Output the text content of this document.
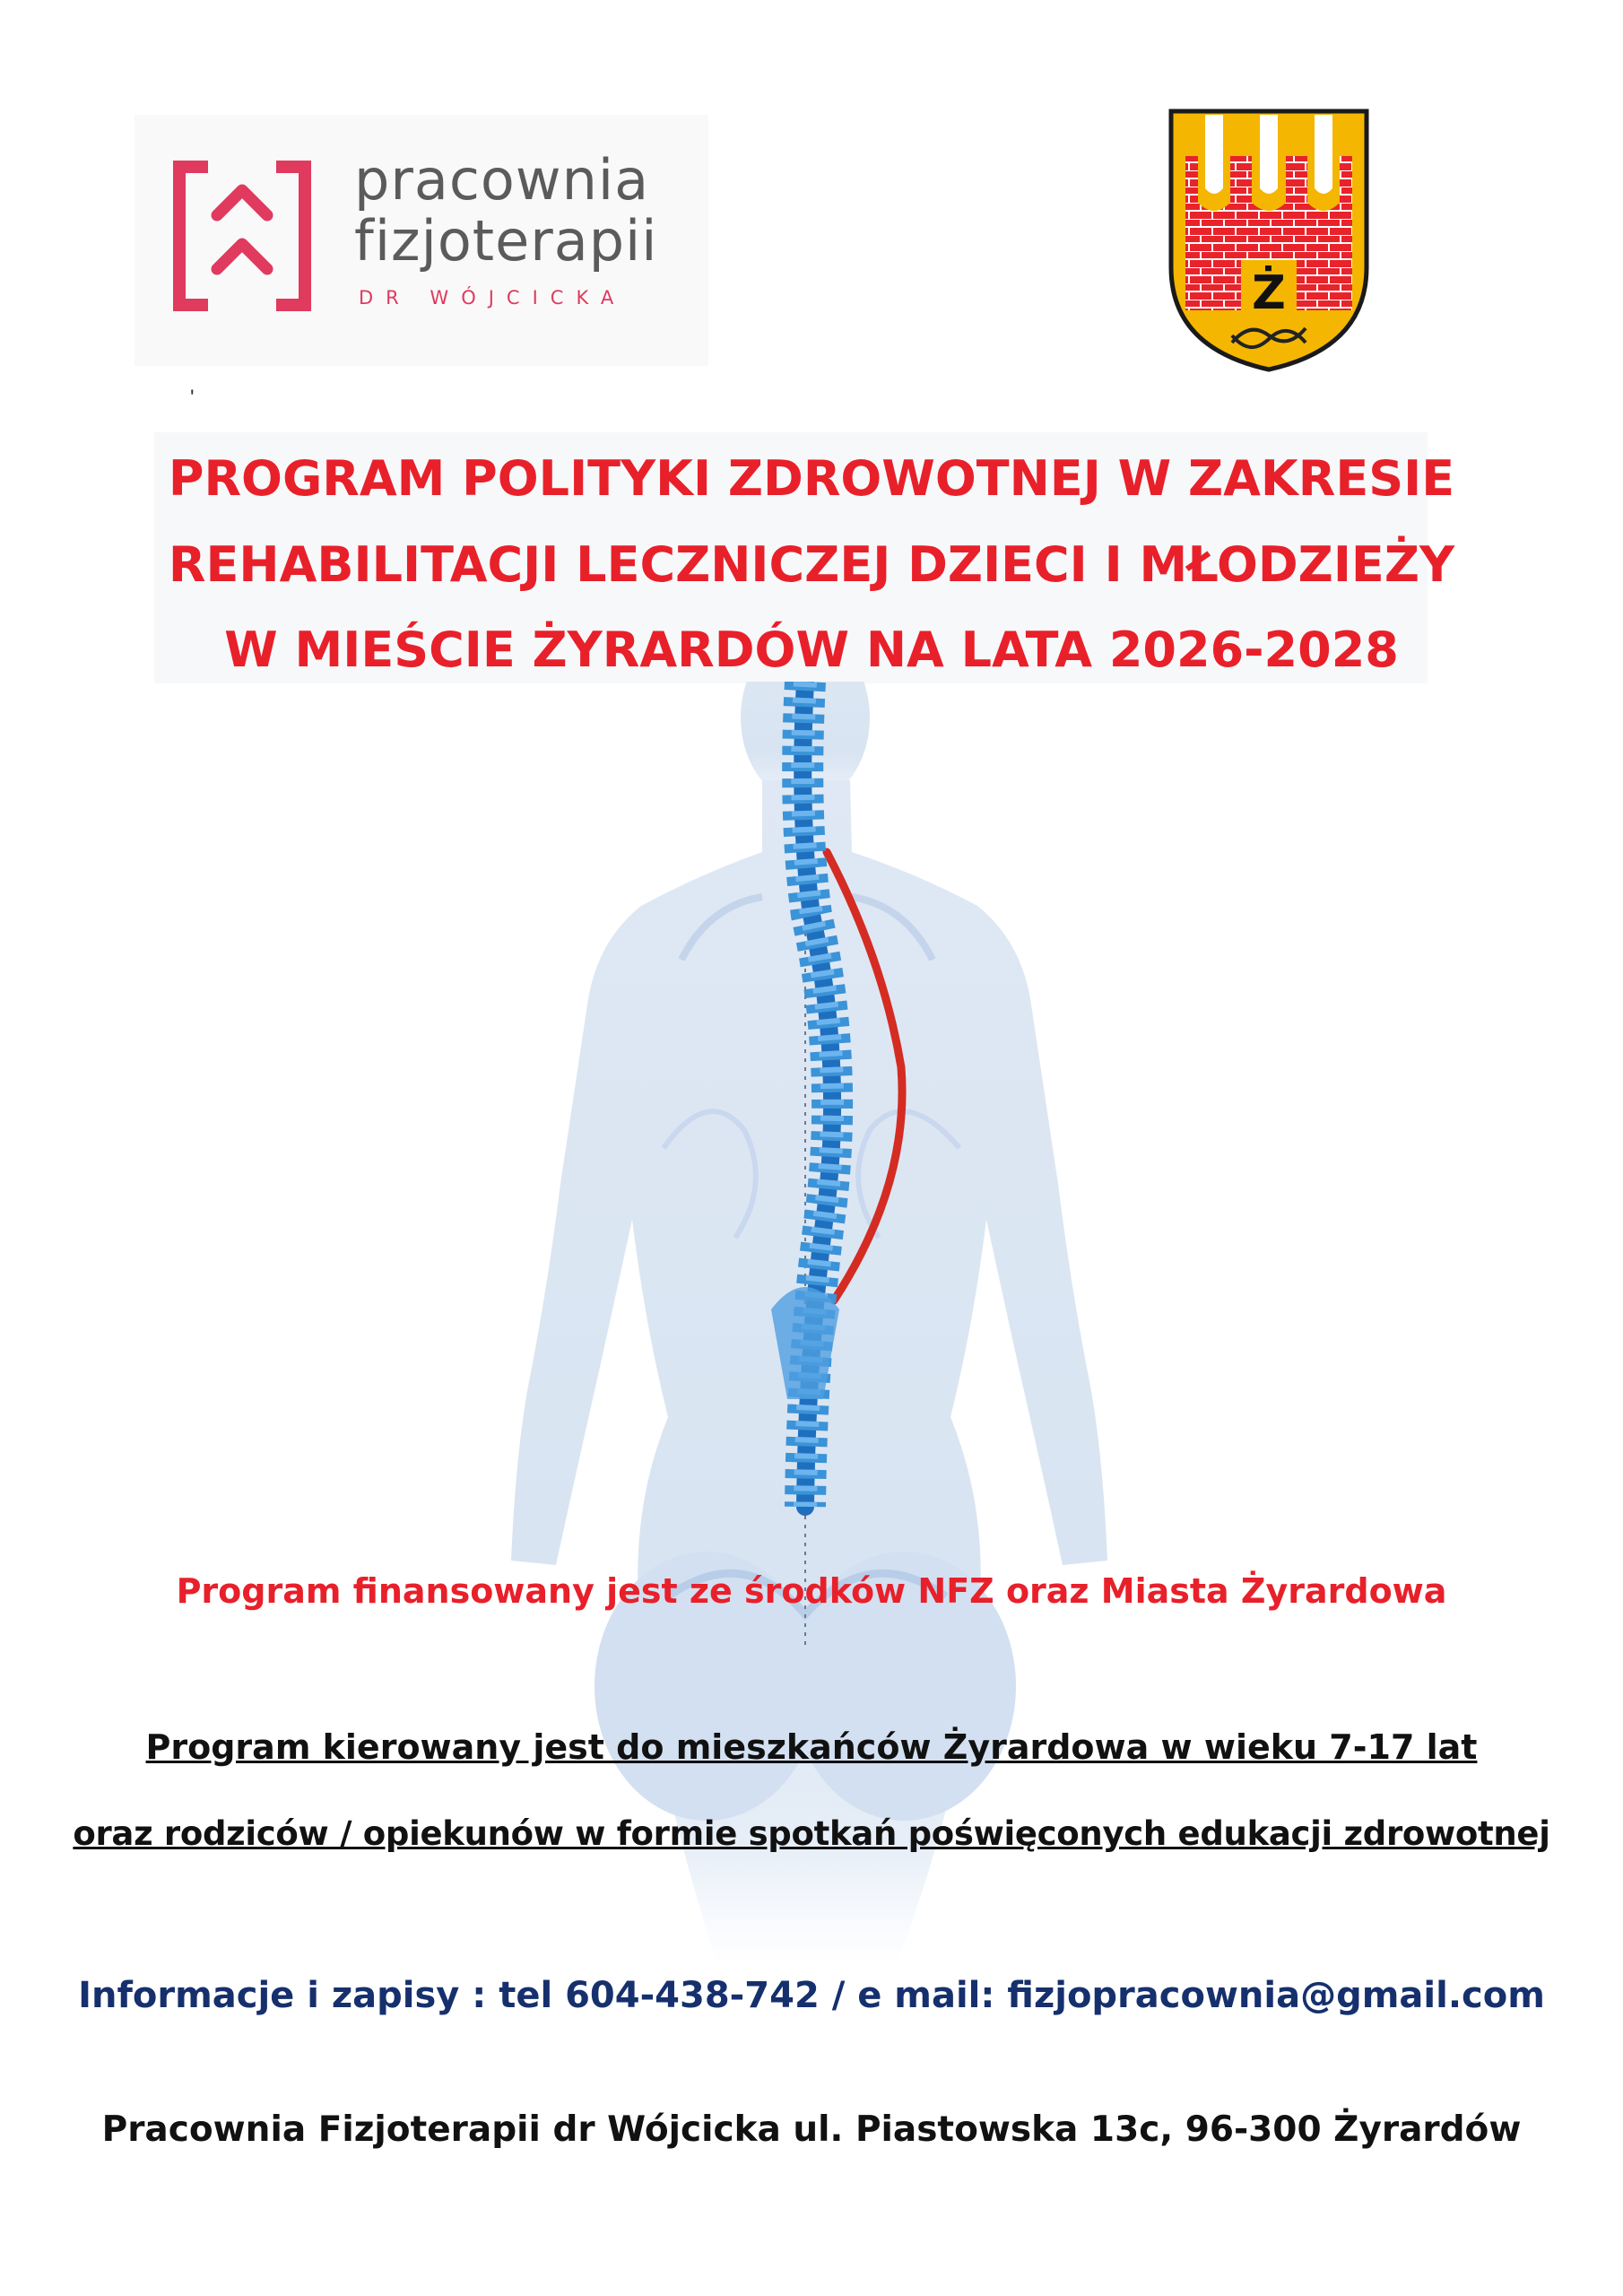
pracownia
fizjoterapii
DR WÓJCICKA	Ż
'
PROGRAM POLITYKI ZDROWOTNEJ W ZAKRESIE
REHABILITACJI LECZNICZEJ DZIECI I MŁODZIEŻY
W MIEŚCIE ŻYRARDÓW NA LATA 2026-2028
Program finansowany jest ze środków NFZ oraz Miasta Żyrardowa
Program kierowany jest do mieszkańców Żyrardowa w wieku 7-17 lat
oraz rodziców / opiekunów w formie spotkań poświęconych edukacji zdrowotnej
Informacje i zapisy : tel 604-438-742 / e mail: fizjopracownia@gmail.com
Pracownia Fizjoterapii dr Wójcicka ul. Piastowska 13c, 96-300 Żyrardów
